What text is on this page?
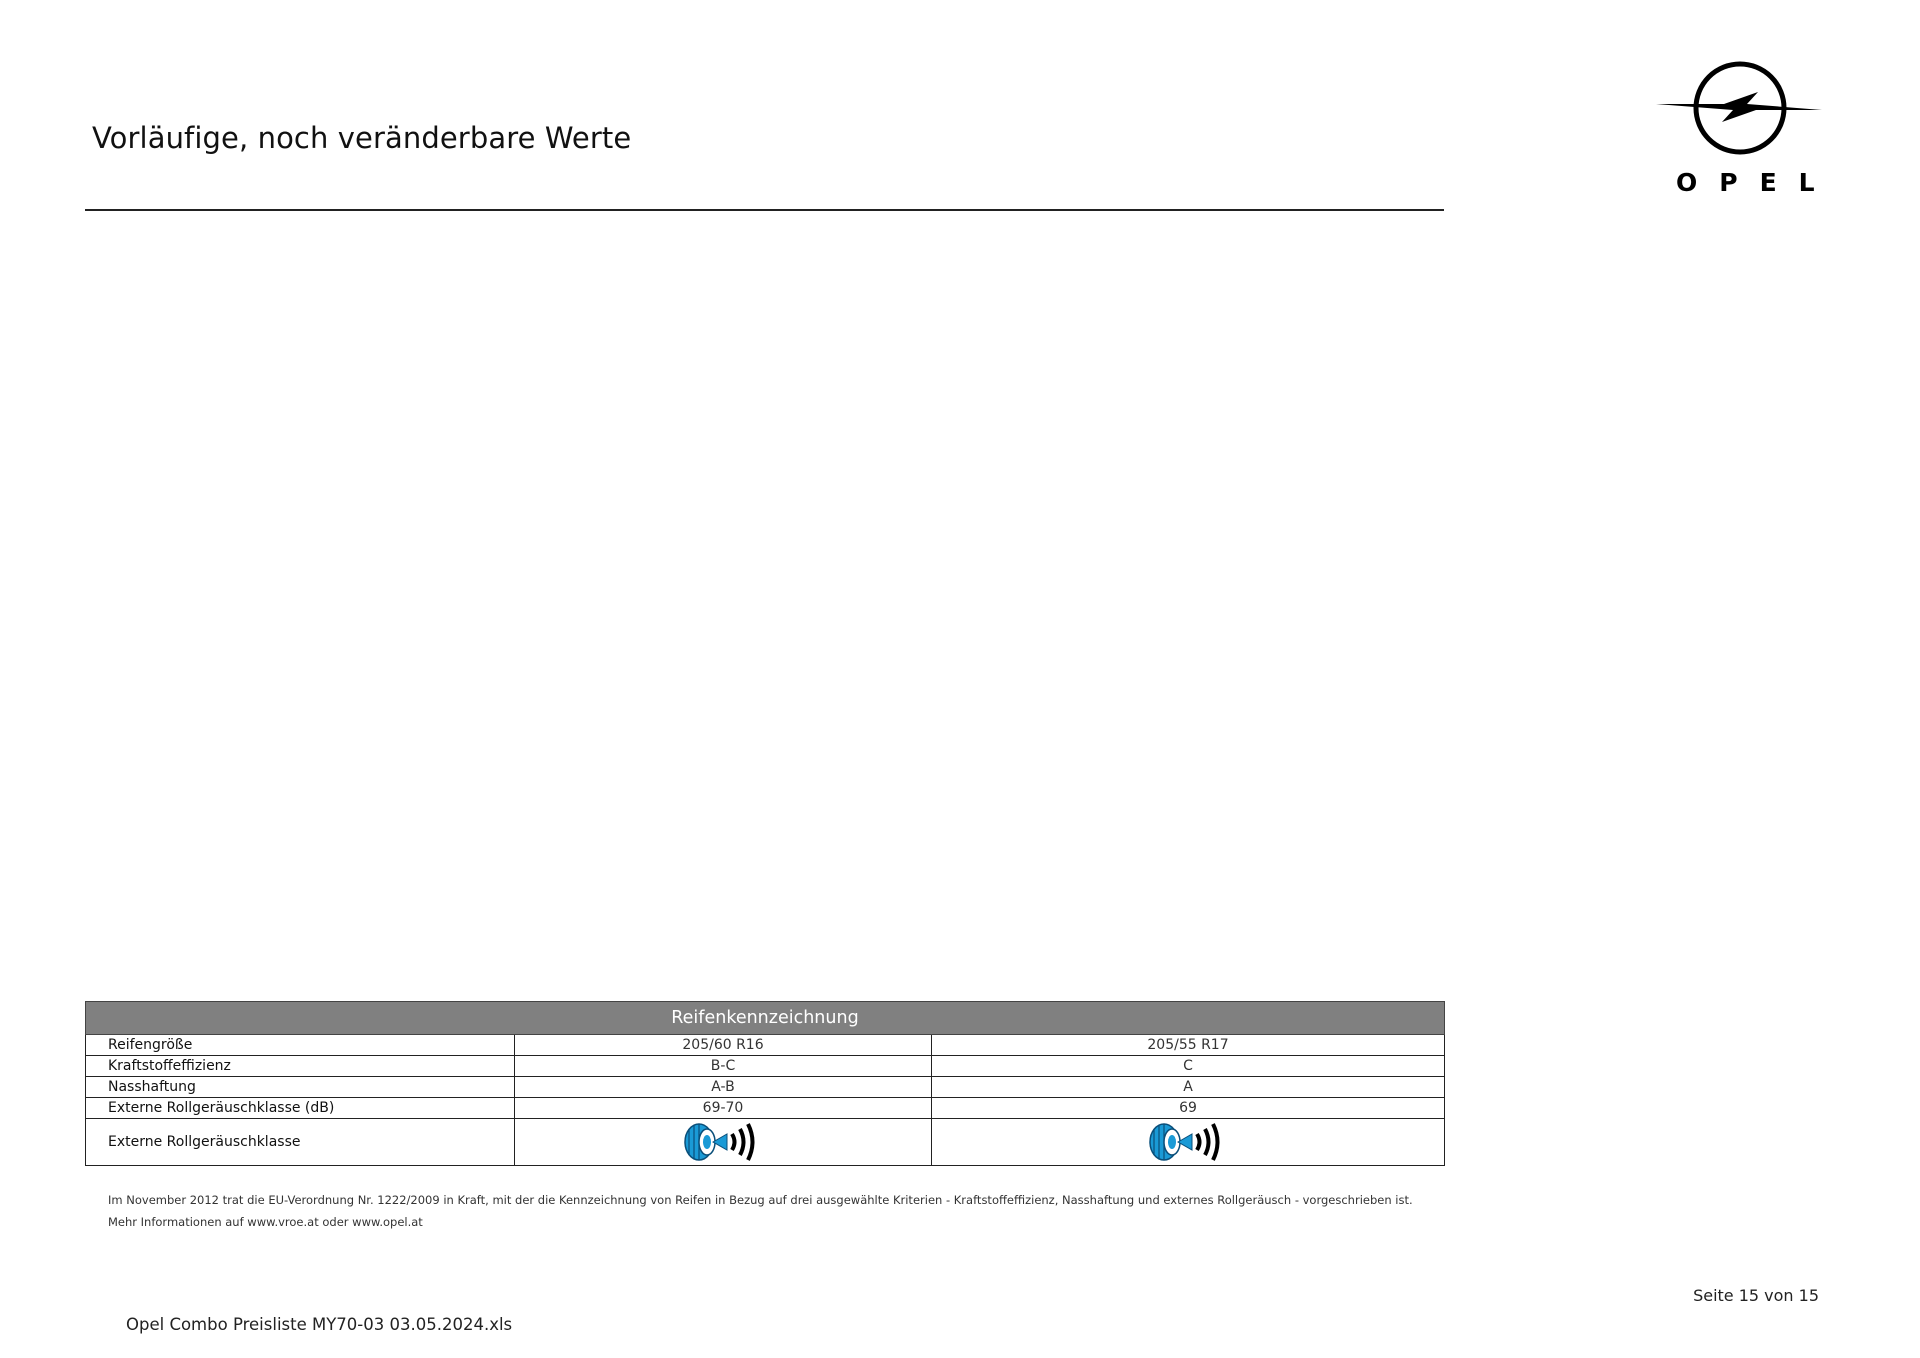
Vorläufige, noch veränderbare Werte
OPEL
Reifenkennzeichnung		
Reifengröße	205/60 R16	205/55 R17
Kraftstoffeffizienz	B-C	C
Nasshaftung	A-B	A
Externe Rollgeräuschklasse (dB)	69-70	69
Externe Rollgeräuschklasse		
Im November 2012 trat die EU-Verordnung Nr. 1222/2009 in Kraft, mit der die Kennzeichnung von Reifen in Bezug auf drei ausgewählte Kriterien - Kraftstoffeffizienz, Nasshaftung und externes Rollgeräusch - vorgeschrieben ist.
Mehr Informationen auf www.vroe.at oder www.opel.at
Seite 15 von 15
Opel Combo Preisliste MY70-03 03.05.2024.xls
